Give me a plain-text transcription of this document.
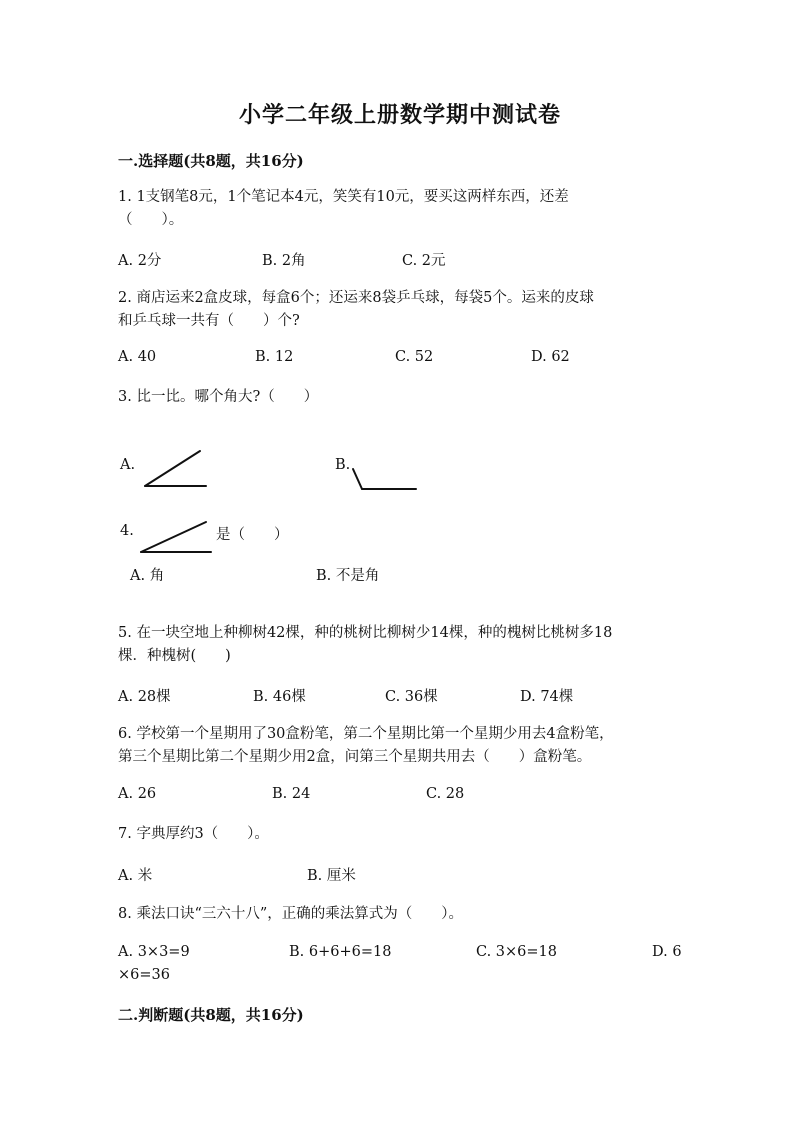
小学二年级上册数学期中测试卷
一.选择题(共8题，共16分)
1. 1支钢笔8元，1个笔记本4元，笑笑有10元，要买这两样东西，还差
（　　）。
A. 2分	B. 2角	C. 2元
2. 商店运来2盒皮球，每盒6个；还运来8袋乒乓球，每袋5个。运来的皮球
和乒乓球一共有（　　）个?
A. 40	B. 12	C. 52	D. 62
3. 比一比。哪个角大?（　　）
A.	B.
4.	是（　　）
A. 角	B. 不是角
5. 在一块空地上种柳树42棵，种的桃树比柳树少14棵，种的槐树比桃树多18
棵．种槐树(　　)
A. 28棵	B. 46棵	C. 36棵	D. 74棵
6. 学校第一个星期用了30盒粉笔，第二个星期比第一个星期少用去4盒粉笔，
第三个星期比第二个星期少用2盒，问第三个星期共用去（　　）盒粉笔。
A. 26	B. 24	C. 28
7. 字典厚约3（　　）。
A. 米	B. 厘米
8. 乘法口诀“三六十八”，正确的乘法算式为（　　）。
A. 3×3=9	B. 6+6+6=18	C. 3×6=18	D. 6
×6=36
二.判断题(共8题，共16分)
